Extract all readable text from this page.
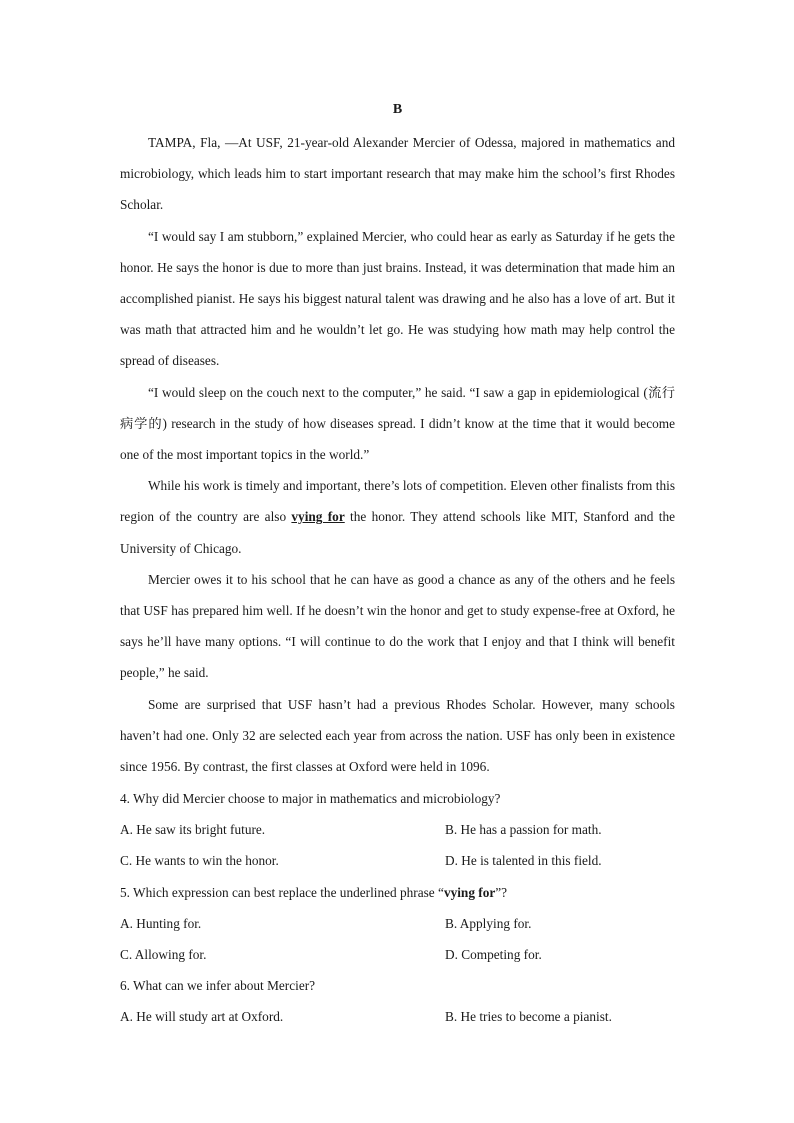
B

TAMPA, Fla, —At USF, 21-year-old Alexander Mercier of Odessa, majored in mathematics and microbiology, which leads him to start important research that may make him the school’s first Rhodes Scholar.

“I would say I am stubborn,” explained Mercier, who could hear as early as Saturday if he gets the honor. He says the honor is due to more than just brains. Instead, it was determination that made him an accomplished pianist. He says his biggest natural talent was drawing and he also has a love of art. But it was math that attracted him and he wouldn’t let go. He was studying how math may help control the spread of diseases.

“I would sleep on the couch next to the computer,” he said. “I saw a gap in epidemiological (流行病学的) research in the study of how diseases spread. I didn’t know at the time that it would become one of the most important topics in the world.”

While his work is timely and important, there’s lots of competition. Eleven other finalists from this region of the country are also vying for the honor. They attend schools like MIT, Stanford and the University of Chicago.

Mercier owes it to his school that he can have as good a chance as any of the others and he feels that USF has prepared him well. If he doesn’t win the honor and get to study expense-free at Oxford, he says he’ll have many options. “I will continue to do the work that I enjoy and that I think will benefit people,” he said.

Some are surprised that USF hasn’t had a previous Rhodes Scholar. However, many schools haven’t had one. Only 32 are selected each year from across the nation. USF has only been in existence since 1956. By contrast, the first classes at Oxford were held in 1096.

4. Why did Mercier choose to major in mathematics and microbiology?
A. He saw its bright future.	B. He has a passion for math.
C. He wants to win the honor.	D. He is talented in this field.
5. Which expression can best replace the underlined phrase “vying for”?
A. Hunting for.	B. Applying for.
C. Allowing for.	D. Competing for.
6. What can we infer about Mercier?
A. He will study art at Oxford.	B. He tries to become a pianist.
